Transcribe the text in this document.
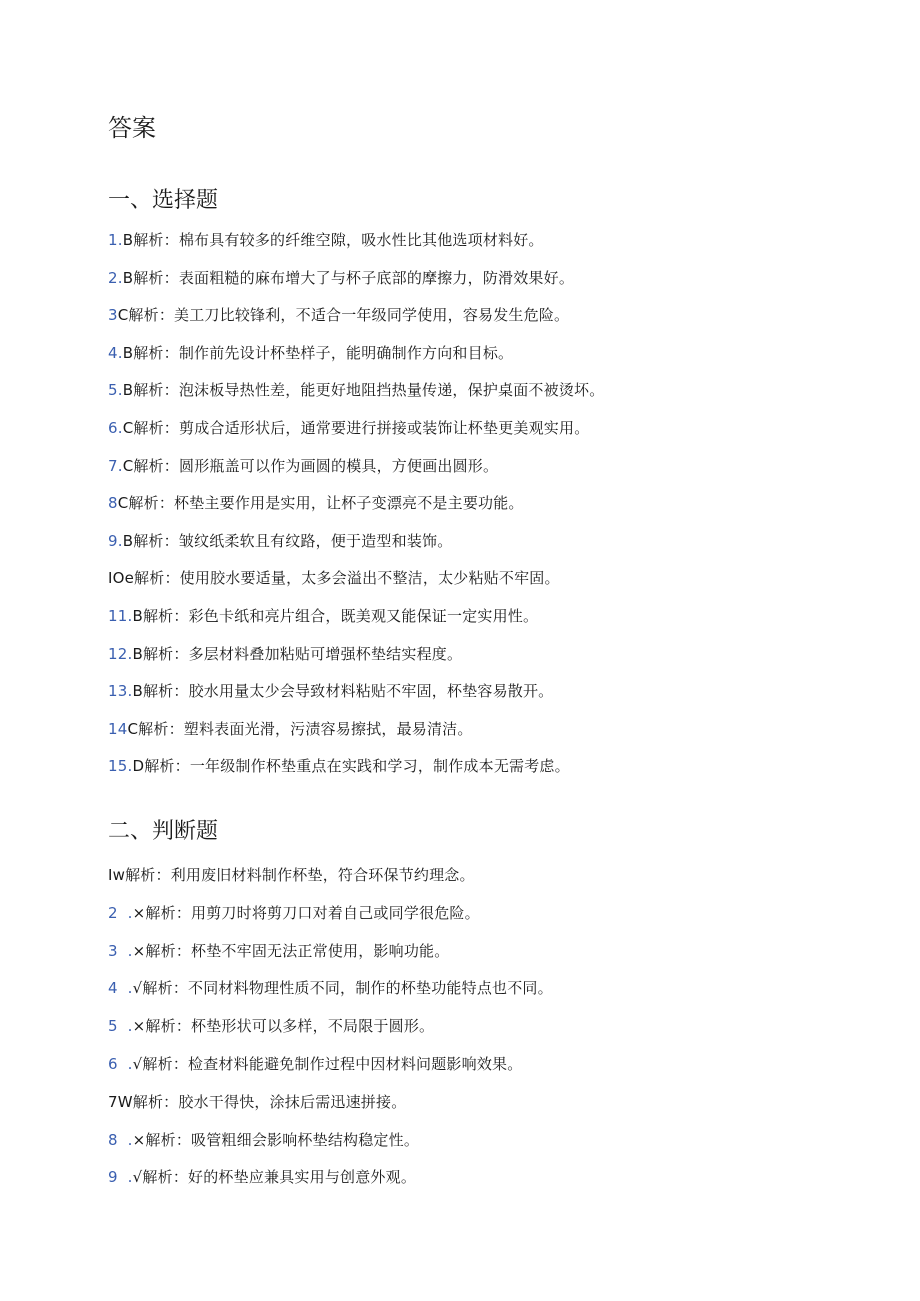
答案
一、选择题
1.B解析：棉布具有较多的纤维空隙，吸水性比其他选项材料好。
2.B解析：表面粗糙的麻布增大了与杯子底部的摩擦力，防滑效果好。
3C解析：美工刀比较锋利，不适合一年级同学使用，容易发生危险。
4.B解析：制作前先设计杯垫样子，能明确制作方向和目标。
5.B解析：泡沫板导热性差，能更好地阻挡热量传递，保护桌面不被烫坏。
6.C解析：剪成合适形状后，通常要进行拼接或装饰让杯垫更美观实用。
7.C解析：圆形瓶盖可以作为画圆的模具，方便画出圆形。
8C解析：杯垫主要作用是实用，让杯子变漂亮不是主要功能。
9.B解析：皱纹纸柔软且有纹路，便于造型和装饰。
IOe解析：使用胶水要适量，太多会溢出不整洁，太少粘贴不牢固。
11.B解析：彩色卡纸和亮片组合，既美观又能保证一定实用性。
12.B解析：多层材料叠加粘贴可增强杯垫结实程度。
13.B解析：胶水用量太少会导致材料粘贴不牢固，杯垫容易散开。
14C解析：塑料表面光滑，污渍容易擦拭，最易清洁。
15.D解析：一年级制作杯垫重点在实践和学习，制作成本无需考虑。
二、判断题
Iw解析：利用废旧材料制作杯垫，符合环保节约理念。
2  .×解析：用剪刀时将剪刀口对着自己或同学很危险。
3  .×解析：杯垫不牢固无法正常使用，影响功能。
4  .√解析：不同材料物理性质不同，制作的杯垫功能特点也不同。
5  .×解析：杯垫形状可以多样，不局限于圆形。
6  .√解析：检查材料能避免制作过程中因材料问题影响效果。
7W解析：胶水干得快，涂抹后需迅速拼接。
8  .×解析：吸管粗细会影响杯垫结构稳定性。
9  .√解析：好的杯垫应兼具实用与创意外观。
